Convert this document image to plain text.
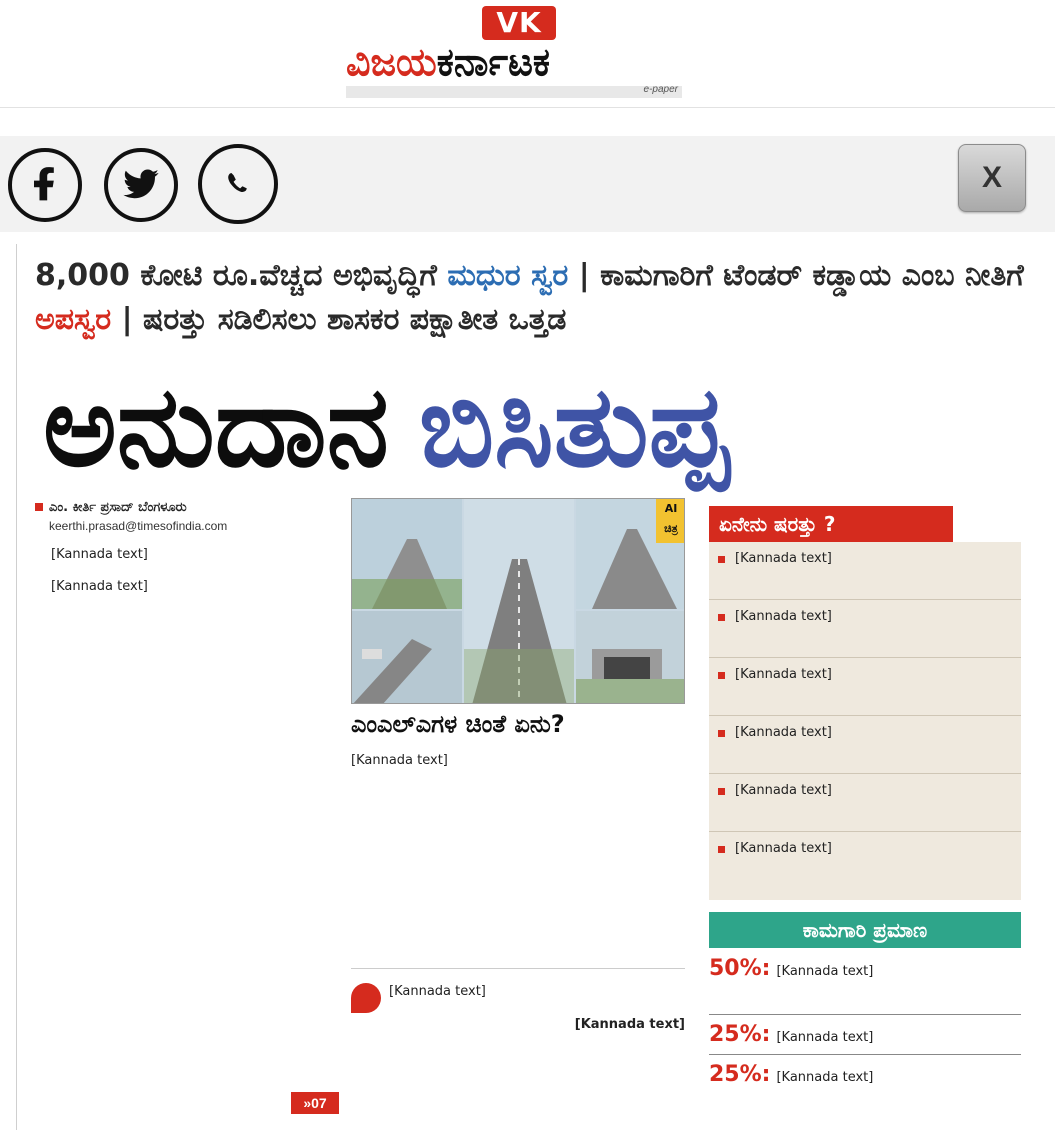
VK
ವಿಜಯಕರ್ನಾಟಕ
e-paper
X
8,000 ಕೋಟಿ ರೂ.ವೆಚ್ಚದ ಅಭಿವೃದ್ಧಿಗೆ ಮಧುರ ಸ್ವರ | ಕಾಮಗಾರಿಗೆ ಟೆಂಡರ್ ಕಡ್ಡಾಯ ಎಂಬ ನೀತಿಗೆ ಅಪಸ್ವರ | ಷರತ್ತು ಸಡಿಲಿಸಲು ಶಾಸಕರ ಪಕ್ಷಾತೀತ ಒತ್ತಡ
ಅನುದಾನ ಬಿಸಿತುಪ್ಪ
ಎಂ. ಕೀರ್ತಿ ಪ್ರಸಾದ್ ಬೆಂಗಳೂರು
keerthi.prasad@timesofindia.com

[Kannada text]

[Kannada text]

»07
AI ಚಿತ್ರ
ಎಂಎಲ್ಎಗಳ ಚಿಂತೆ ಏನು?
[Kannada text]
[Kannada text]
[Kannada text]
ಏನೇನು ಷರತ್ತು ?
[Kannada text]
[Kannada text]
[Kannada text]
[Kannada text]
[Kannada text]
[Kannada text]
ಕಾಮಗಾರಿ ಪ್ರಮಾಣ
50%: [Kannada text]
25%: [Kannada text]
25%: [Kannada text]
